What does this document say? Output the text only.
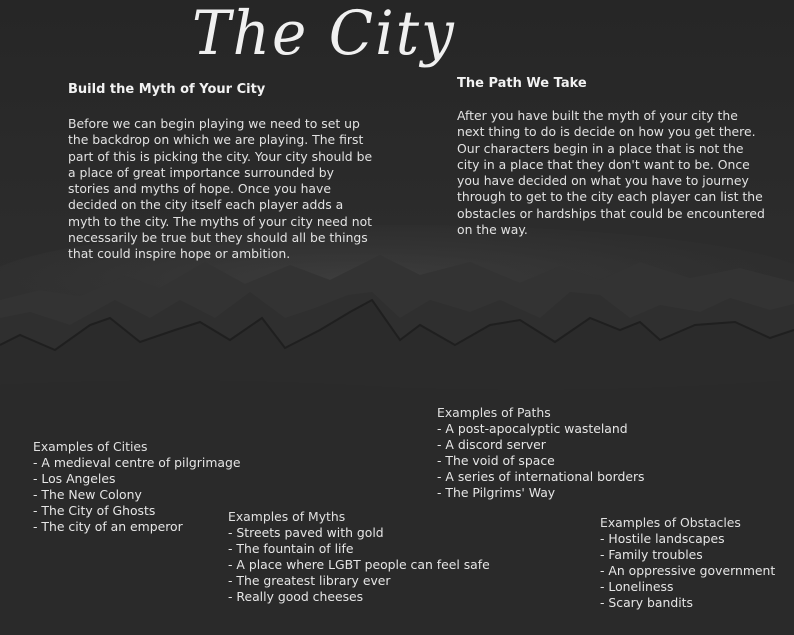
The City
Build the Myth of Your City

Before we can begin playing we need to set up the backdrop on which we are playing. The first part of this is picking the city. Your city should be a place of great importance surrounded by stories and myths of hope. Once you have decided on the city itself each player adds a myth to the city. The myths of your city need not necessarily be true but they should all be things that could inspire hope or ambition.

The Path We Take

After you have built the myth of your city the next thing to do is decide on how you get there. Our characters begin in a place that is not the city in a place that they don't want to be. Once you have decided on what you have to journey through to get to the city each player can list the obstacles or hardships that could be encountered on the way.

Examples of Cities
- A medieval centre of pilgrimage
- Los Angeles
- The New Colony
- The City of Ghosts
- The city of an emperor
Examples of Myths
- Streets paved with gold
- The fountain of life
- A place where LGBT people can feel safe
- The greatest library ever
- Really good cheeses
Examples of Paths
- A post-apocalyptic wasteland
- A discord server
- The void of space
- A series of international borders
- The Pilgrims' Way
Examples of Obstacles
- Hostile landscapes
- Family troubles
- An oppressive government
- Loneliness
- Scary bandits
